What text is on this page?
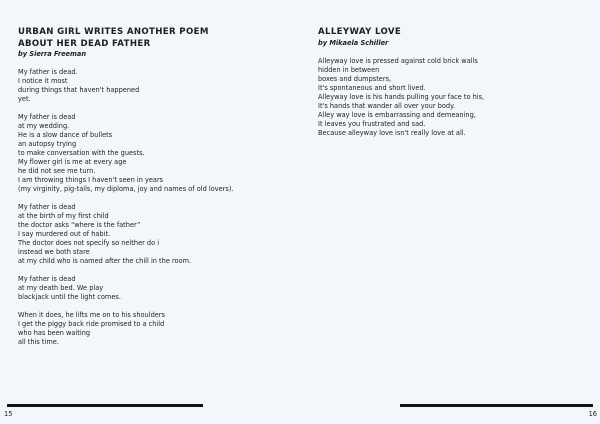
URBAN GIRL WRITES ANOTHER POEM
ABOUT HER DEAD FATHER
by Sierra Freeman
My father is dead.
I notice it most
during things that haven't happened
yet.
My father is dead
at my wedding.
He is a slow dance of bullets
an autopsy trying
to make conversation with the guests.
My flower girl is me at every age
he did not see me turn.
I am throwing things I haven't seen in years
(my virginity, pig-tails, my diploma, joy and names of old lovers).
My father is dead
at the birth of my first child
the doctor asks “where is the father”
I say murdered out of habit.
The doctor does not specify so neither do i
instead we both stare
at my child who is named after the chill in the room.
My father is dead
at my death bed. We play
blackjack until the light comes.
When it does, he lifts me on to his shoulders
I get the piggy back ride promised to a child
who has been waiting
all this time.
ALLEYWAY LOVE
by Mikaela Schiller
Alleyway love is pressed against cold brick walls
hidden in between
boxes and dumpsters,
It's spontaneous and short lived.
Alleyway love is his hands pulling your face to his,
It's hands that wander all over your body.
Alley way love is embarrassing and demeaning,
It leaves you frustrated and sad.
Because alleyway love isn't really love at all.
15	16
